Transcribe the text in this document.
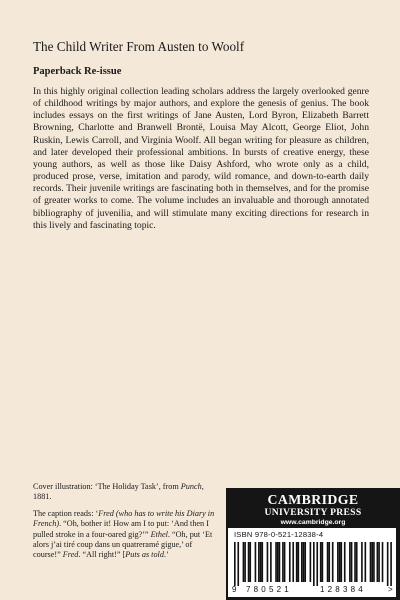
The Child Writer From Austen to Woolf
Paperback Re-issue

In this highly original collection leading scholars address the largely overlooked genre of childhood writings by major authors, and explore the genesis of genius. The book includes essays on the first writings of Jane Austen, Lord Byron, Elizabeth Barrett Browning, Charlotte and Branwell Brontë, Louisa May Alcott, George Eliot, John Ruskin, Lewis Carroll, and Virginia Woolf. All began writing for pleasure as children, and later developed their professional ambitions. In bursts of creative energy, these young authors, as well as those like Daisy Ashford, who wrote only as a child, produced prose, verse, imitation and parody, wild romance, and down-to-earth daily records. Their juvenile writings are fascinating both in themselves, and for the promise of greater works to come. The volume includes an invaluable and thorough annotated bibliography of juvenilia, and will stimulate many exciting directions for research in this lively and fascinating topic.

Cover illustration: ‘The Holiday Task’, from Punch, 1881.

The caption reads: ‘Fred (who has to write his Diary in French). “Oh, bother it! How am I to put: ‘And then I pulled stroke in a four-oared gig?’” Ethel. “Oh, put ‘Et alors j’ai tiré coup dans un quatreramé gigue,’ of course!” Fred. “All right!” [Puts as told.’

CAMBRIDGE
UNIVERSITY PRESS
www.cambridge.org
ISBN 978-0-521-12838-4
9 780521	128384	>
